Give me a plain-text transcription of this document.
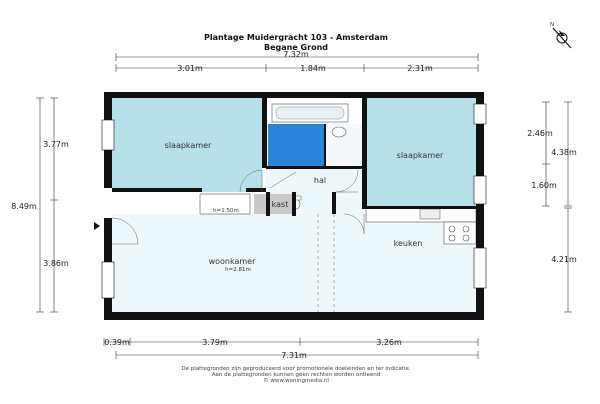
Plantage Muidergracht 103 - Amsterdam
Begane Grond
N
7.32m
3.01m	1.84m	2.31m
8.49m
3.77m
3.86m
2.46m
1.60m
4.38m
4.21m
0.39m	3.79m	3.26m
7.31m
slaapkamer
slaapkamer
hal
kast
h=1.50m
woonkamer
h=2.81m
keuken
De plattegronden zijn geproduceerd voor promotionele doeleinden en ter indicatie.
Aan de plattegronden kunnen geen rechten worden ontleend
© www.woningmedia.nl
